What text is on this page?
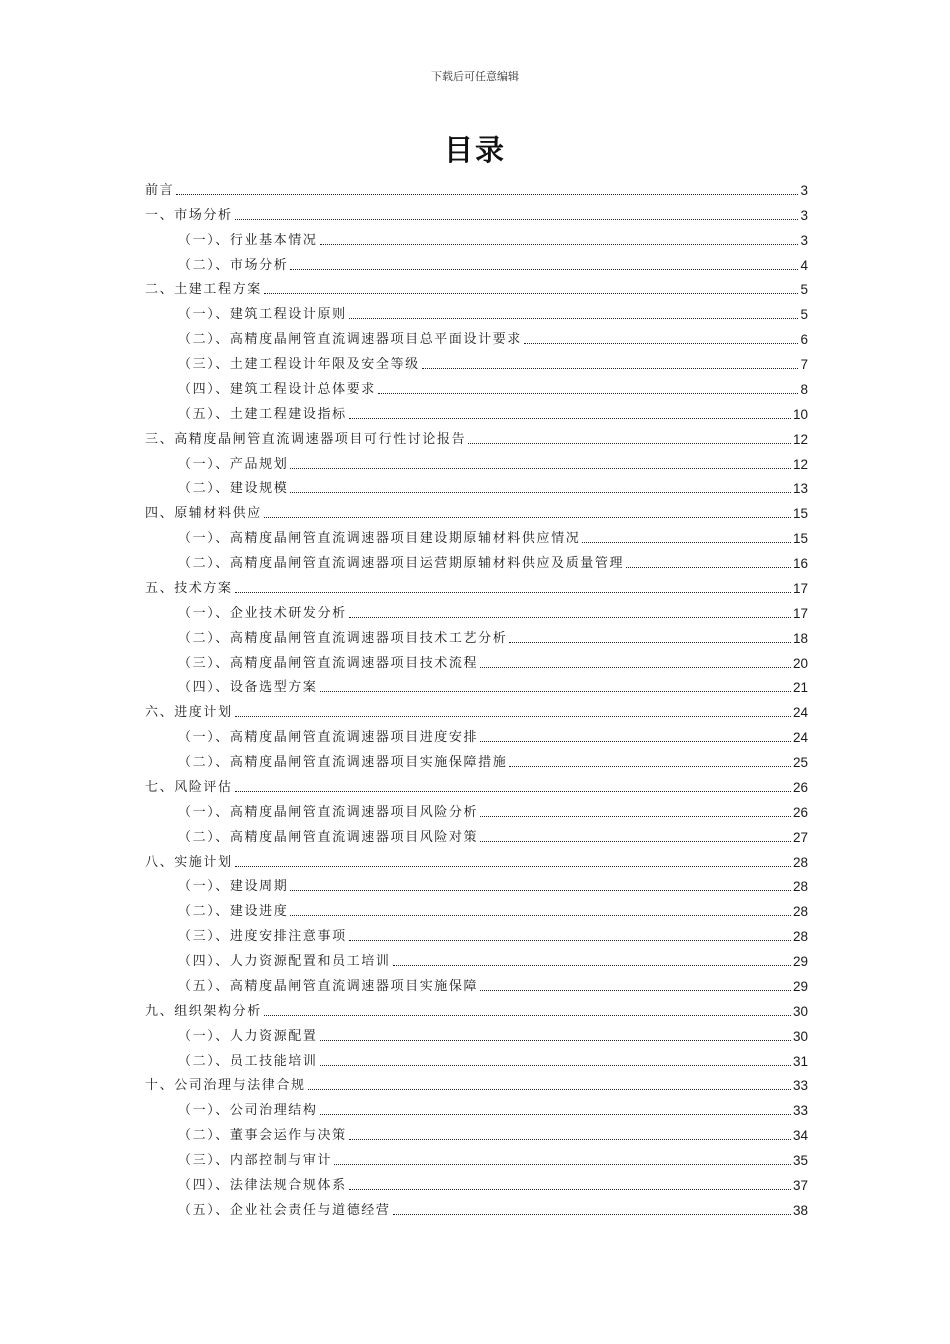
下载后可任意编辑
目录
前言	3
一、市场分析	3
（一）、行业基本情况	3
（二）、市场分析	4
二、土建工程方案	5
（一）、建筑工程设计原则	5
（二）、高精度晶闸管直流调速器项目总平面设计要求	6
（三）、土建工程设计年限及安全等级	7
（四）、建筑工程设计总体要求	8
（五）、土建工程建设指标	10
三、高精度晶闸管直流调速器项目可行性讨论报告	12
（一）、产品规划	12
（二）、建设规模	13
四、原辅材料供应	15
（一）、高精度晶闸管直流调速器项目建设期原辅材料供应情况	15
（二）、高精度晶闸管直流调速器项目运营期原辅材料供应及质量管理	16
五、技术方案	17
（一）、企业技术研发分析	17
（二）、高精度晶闸管直流调速器项目技术工艺分析	18
（三）、高精度晶闸管直流调速器项目技术流程	20
（四）、设备选型方案	21
六、进度计划	24
（一）、高精度晶闸管直流调速器项目进度安排	24
（二）、高精度晶闸管直流调速器项目实施保障措施	25
七、风险评估	26
（一）、高精度晶闸管直流调速器项目风险分析	26
（二）、高精度晶闸管直流调速器项目风险对策	27
八、实施计划	28
（一）、建设周期	28
（二）、建设进度	28
（三）、进度安排注意事项	28
（四）、人力资源配置和员工培训	29
（五）、高精度晶闸管直流调速器项目实施保障	29
九、组织架构分析	30
（一）、人力资源配置	30
（二）、员工技能培训	31
十、公司治理与法律合规	33
（一）、公司治理结构	33
（二）、董事会运作与决策	34
（三）、内部控制与审计	35
（四）、法律法规合规体系	37
（五）、企业社会责任与道德经营	38
